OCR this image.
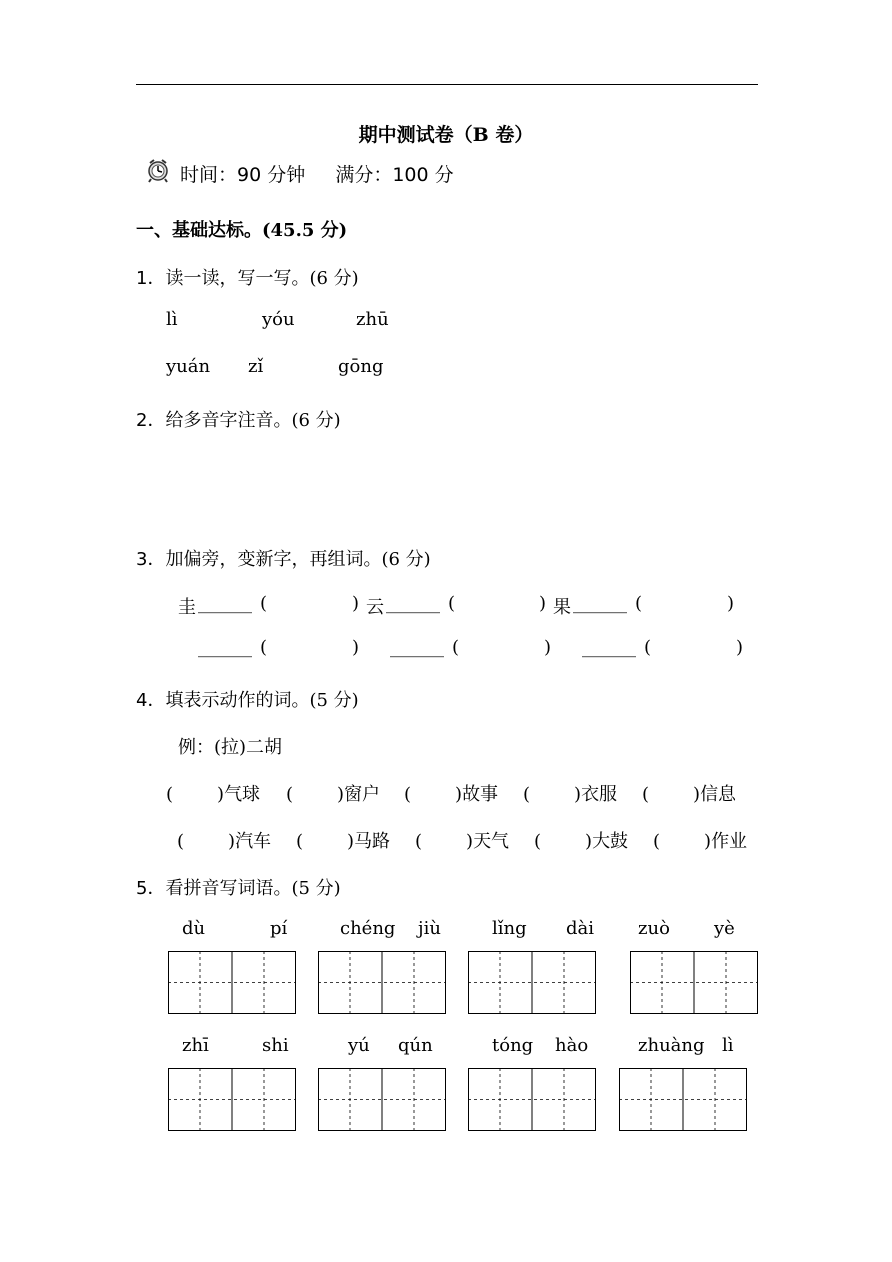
期中测试卷（B 卷）
时间：90 分钟 满分：100 分
一、基础达标。(45.5 分)
1．读一读，写一写。(6 分)
lì	yóu	zhū
yuán zǐ	gōng
2．给多音字注音。(6 分)
3．加偏旁，变新字，再组词。(6 分)
圭 ______ (	) 云 ______ (	) 果 ______ (	)
______ (	) ______ (	) ______ (	)
4．填表示动作的词。(5 分)
例：(拉)二胡
( )气球 ( )窗户 ( )故事 ( )衣服 ( )信息
( )汽车 ( )马路 ( )天气 ( )大鼓 ( )作业
5．看拼音写词语。(5 分)
dù	pí	chéng jiù	lǐng dài zuò yè
zhī	shi	yú qún	tóng hào	zhuàng lì
